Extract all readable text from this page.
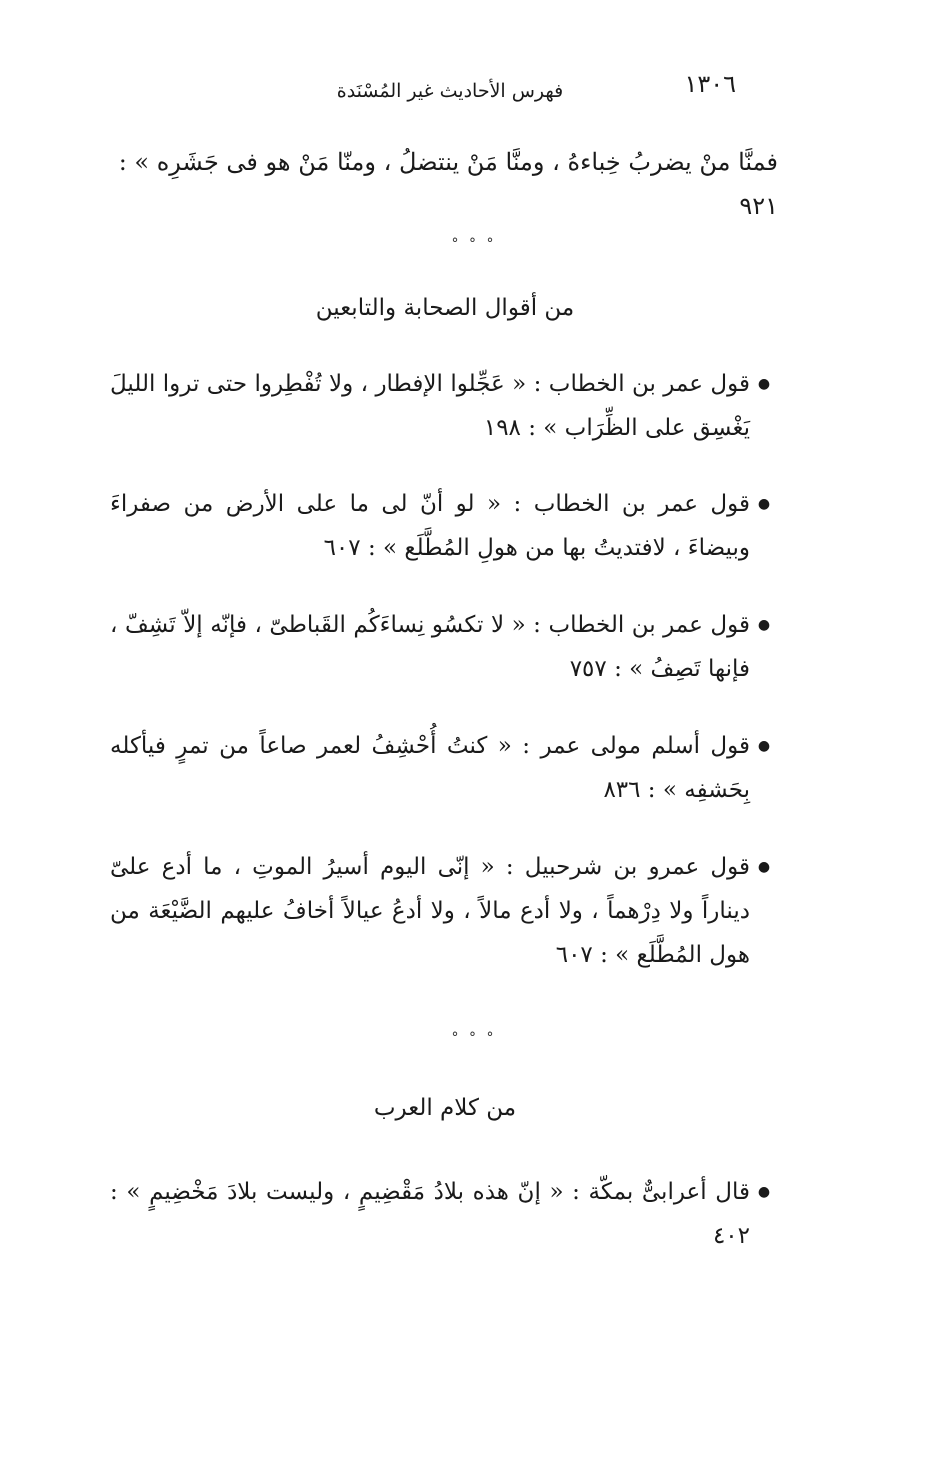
١٣٠٦
فهرس الأحاديث غير المُسْنَدة
فمنَّا منْ يضربُ خِباءهُ ، ومنَّا مَنْ ينتضلُ ، ومنّا مَنْ هو فى جَشَرِه » : ٩٢١
° ° °
من أقوال الصحابة والتابعين
●
قول عمر بن الخطاب : « عَجِّلوا الإفطار ، ولا تُفْطِروا حتى تروا الليلَ يَغْسِق على الظِّرَاب » : ١٩٨
●
قول عمر بن الخطاب : « لو أنّ لى ما على الأرض من صفراءَ وبيضاءَ ، لافتديتُ بها من هولِ المُطَّلَع » : ٦٠٧
●
قول عمر بن الخطاب : « لا تكسُو نِساءَكُم القَباطىّ ، فإنّه إلاّ تَشِفّ ، فإنها تَصِفُ » : ٧٥٧
●
قول أسلم مولى عمر : « كنتُ أُحْشِفُ لعمر صاعاً من تمرٍ فيأكله بِحَشفِه » : ٨٣٦
●
قول عمرو بن شرحبيل : « إنّى اليوم أسيرُ الموتِ ، ما أدع علىّ ديناراً ولا دِرْهماً ، ولا أدع مالاً ، ولا أدعُ عيالاً أخافُ عليهم الضَّيْعَة من هول المُطَّلَع » : ٦٠٧
° ° °
من كلام العرب
●
قال أعرابىٌّ بمكّة : « إنّ هذه بلادُ مَقْضِيمٍ ، وليست بلادَ مَخْضِيمٍ » : ٤٠٢
